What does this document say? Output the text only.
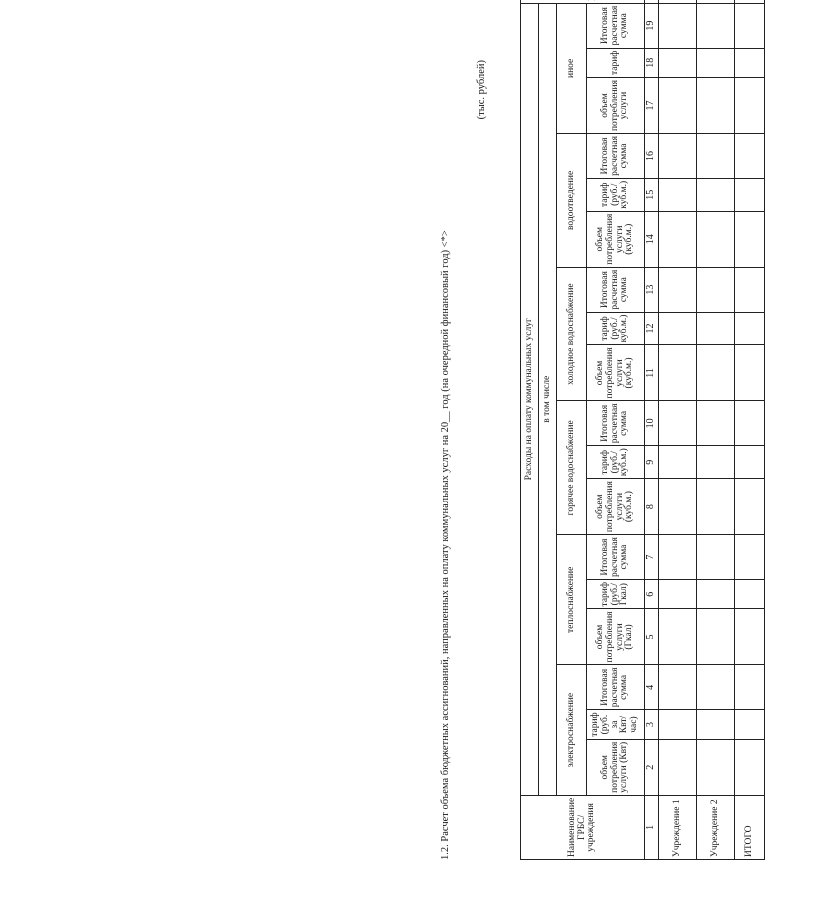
1.2. Расчет объема бюджетных ассигнований, направленных на оплату коммунальных услуг на 20__ год (на очередной финансовый год) <*>
(тыс. рублей)
Наименование ГРБС/учреждения	Расходы на оплату коммунальных услуг		
	в том числе		
	электроснабжение			теплоснабжение			горячее водоснабжение			холодное водоснабжение			водоотведение			иное				
	объем потребления услуги (Квт)	тариф (руб. за Квт/час)	Итоговая расчетная сумма	объем потребления услуги (Гкал)	тариф (руб./Гкал)	Итоговая расчетная сумма	объем потребления услуги (куб.м.)	тариф (руб./куб.м.)	Итоговая расчетная сумма	объем потребления услуги (куб.м.)	тариф (руб./куб.м.)	Итоговая расчетная сумма	объем потребления услуги (куб.м.)	тариф (руб./куб.м.)	Итоговая расчетная сумма	объем потребления услуги	тариф	Итоговая расчетная сумма		
1	2	3	4	5	6	7	8	9	10	11	12	13	14	15	16	17	18	19							
Учреждение 1																									
Учреждение 2																									
ИТОГО																									
